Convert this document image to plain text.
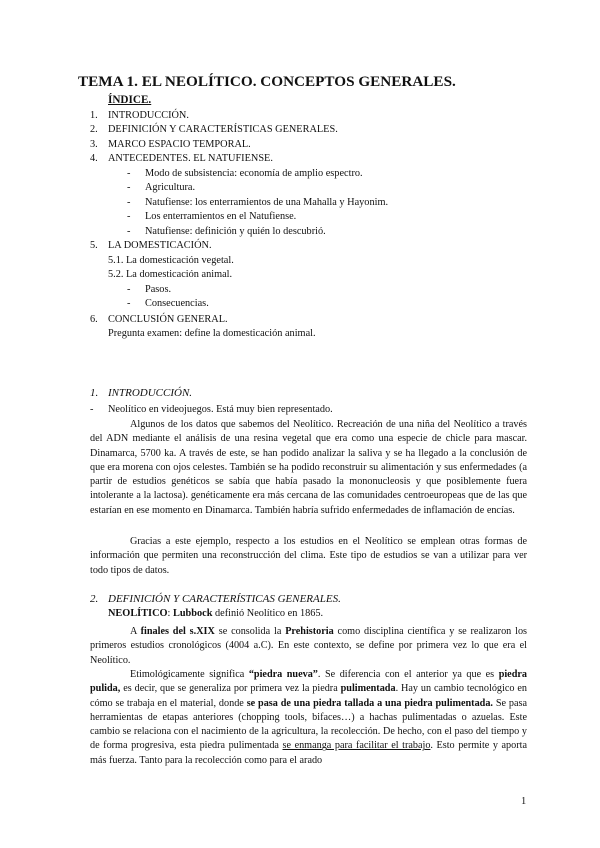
TEMA 1. EL NEOLÍTICO. CONCEPTOS GENERALES.
ÍNDICE.
1. INTRODUCCIÓN.
2. DEFINICIÓN Y CARACTERÍSTICAS GENERALES.
3. MARCO ESPACIO TEMPORAL.
4. ANTECEDENTES. EL NATUFIENSE.
- Modo de subsistencia: economía de amplio espectro.
- Agricultura.
- Natufiense: los enterramientos de una Mahalla y Hayonim.
- Los enterramientos en el Natufiense.
- Natufiense: definición y quién lo descubrió.
5. LA DOMESTICACIÓN.
5.1. La domesticación vegetal.
5.2. La domesticación animal.
- Pasos.
- Consecuencias.
6. CONCLUSIÓN GENERAL.
Pregunta examen: define la domesticación animal.
1. INTRODUCCIÓN.
- Neolítico en videojuegos. Está muy bien representado.

Algunos de los datos que sabemos del Neolítico. Recreación de una niña del Neolítico a través del ADN mediante el análisis de una resina vegetal que era como una especie de chicle para mascar. Dinamarca, 5700 ka. A través de este, se han podido analizar la saliva y se ha llegado a la conclusión de que era morena con ojos celestes. También se ha podido reconstruir su alimentación y sus enfermedades (a partir de estudios genéticos se sabía que había pasado la mononucleosis y que posiblemente fuera intolerante a la lactosa). genéticamente era más cercana de las comunidades centroeuropeas que de las que estarían en ese momento en Dinamarca. También habría sufrido enfermedades de inflamación de encías.

Gracias a este ejemplo, respecto a los estudios en el Neolítico se emplean otras formas de información que permiten una reconstrucción del clima. Este tipo de estudios se van a utilizar para ver todo tipos de datos.

2. DEFINICIÓN Y CARACTERÍSTICAS GENERALES.
NEOLÍTICO: Lubbock definió Neolítico en 1865.

A finales del s.XIX se consolida la Prehistoria como disciplina científica y se realizaron los primeros estudios cronológicos (4004 a.C). En este contexto, se define por primera vez lo que era el Neolítico.

Etimológicamente significa “piedra nueva”. Se diferencia con el anterior ya que es piedra pulida, es decir, que se generaliza por primera vez la piedra pulimentada. Hay un cambio tecnológico en cómo se trabaja en el material, donde se pasa de una piedra tallada a una piedra pulimentada. Se pasa herramientas de etapas anteriores (chopping tools, bifaces…) a hachas pulimentadas o azuelas. Este cambio se relaciona con el nacimiento de la agricultura, la recolección. De hecho, con el paso del tiempo y de forma progresiva, esta piedra pulimentada se enmanga para facilitar el trabajo. Esto permite y aporta más fuerza. Tanto para la recolección como para el arado

1
